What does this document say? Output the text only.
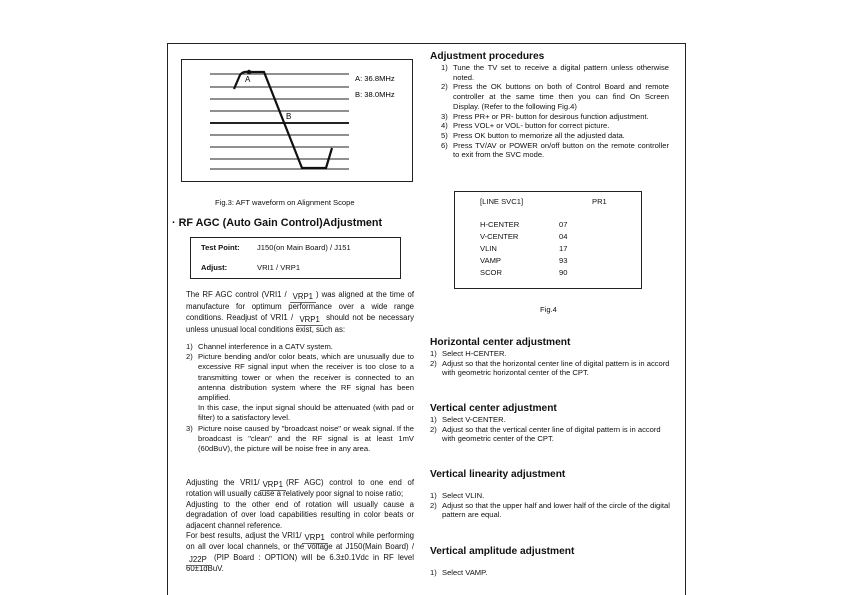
A
B
A: 36.8MHz
B: 38.0MHz
Fig.3: AFT waveform on Alignment Scope
· RF AGC (Auto Gain Control)Adjustment
Test Point: J150(on Main Board) / J151
Adjust:	VRI1 / VRP1
The RF AGC control (VRI1 / VRP1 ) was aligned at the time of manufacture for optimum performance over a wide range conditions. Readjust of VRI1 / VRP1 should not be necessary unless unusual local conditions exist, such as:
1) Channel interference in a CATV system.
2) Picture bending and/or color beats, which are unusually due to excessive RF signal input when the receiver is too close to a transmitting tower or when the receiver is connected to an antenna distribution system where the RF signal has been amplified.
In this case, the input signal should be attenuated (with pad or filter) to a satisfactory level.
3) Picture noise caused by "broadcast noise" or weak signal. If the broadcast is "clean" and the RF signal is at least 1mV (60dBuV), the picture will be noise free in any area.
Adjusting the VRI1/ VRP1 (RF AGC) control to one end of rotation will usually cause a relatively poor signal to noise ratio;
Adjusting to the other end of rotation will usually cause a degradation of over load capabilities resulting in color beats or adjacent channel reference.
For best results, adjust the VRI1/ VRP1 control while performing on all over local channels, or the voltage at J150(Main Board) / J22P (PIP Board : OPTION) will be 6.3±0.1Vdc in RF level 60±1dBuV.
Adjustment procedures
1) Tune the TV set to receive a digital pattern unless otherwise noted.
2) Press the OK buttons on both of Control Board and remote controller at the same time then you can find On Screen Display. (Refer to the following Fig.4)
3) Press PR+ or PR- button for desirous function adjustment.
4) Press VOL+ or VOL- button for correct picture.
5) Press OK button to memorize all the adjusted data.
6) Press TV/AV or POWER on/off button on the remote controller to exit from the SVC mode.
[LINE SVC1]	PR1
H-CENTER	07
V-CENTER	04
VLIN	17
VAMP	93
SCOR	90
Fig.4
Horizontal center adjustment
1) Select H-CENTER.
2) Adjust so that the horizontal center line of digital pattern is in accord with geometric horizontal center of the CPT.
Vertical center adjustment
1) Select V-CENTER.
2) Adjust so that the vertical center line of digital pattern is in accord with geometric center of the CPT.
Vertical linearity adjustment
1) Select VLIN.
2) Adjust so that the upper half and lower half of the circle of the digital pattern are equal.
Vertical amplitude adjustment
1) Select VAMP.
